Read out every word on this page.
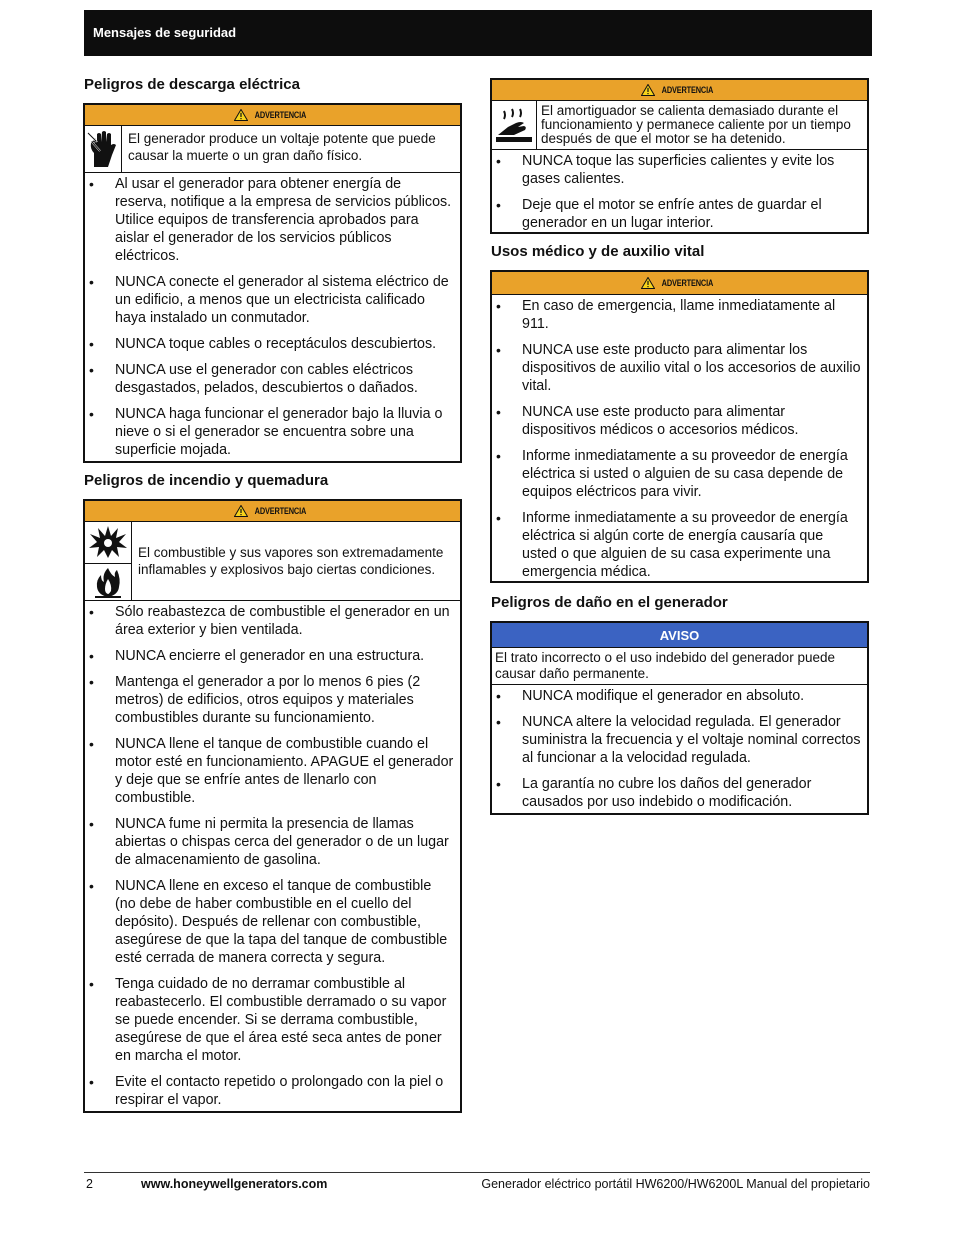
Mensajes de seguridad
Peligros de descarga eléctrica
ADVERTENCIA
El generador produce un voltaje potente que puede causar la muerte o un gran daño físico.
• Al usar el generador para obtener energía de reserva, notifique a la empresa de servicios públicos. Utilice equipos de transferencia aprobados para aislar el generador de los servicios públicos eléctricos.
• NUNCA conecte el generador al sistema eléctrico de un edificio, a menos que un electricista calificado haya instalado un conmutador.
• NUNCA toque cables o receptáculos descubiertos.
• NUNCA use el generador con cables eléctricos desgastados, pelados, descubiertos o dañados.
• NUNCA haga funcionar el generador bajo la lluvia o nieve o si el generador se encuentra sobre una superficie mojada.
Peligros de incendio y quemadura
ADVERTENCIA
El combustible y sus vapores son extremadamente inflamables y explosivos bajo ciertas condiciones.
• Sólo reabastezca de combustible el generador en un área exterior y bien ventilada.
• NUNCA encierre el generador en una estructura.
• Mantenga el generador a por lo menos 6 pies (2 metros) de edificios, otros equipos y materiales combustibles durante su funcionamiento.
• NUNCA llene el tanque de combustible cuando el motor esté en funcionamiento. APAGUE el generador y deje que se enfríe antes de llenarlo con combustible.
• NUNCA fume ni permita la presencia de llamas abiertas o chispas cerca del generador o de un lugar de almacenamiento de gasolina.
• NUNCA llene en exceso el tanque de combustible (no debe de haber combustible en el cuello del depósito). Después de rellenar con combustible, asegúrese de que la tapa del tanque de combustible esté cerrada de manera correcta y segura.
• Tenga cuidado de no derramar combustible al reabastecerlo. El combustible derramado o su vapor se puede encender. Si se derrama combustible, asegúrese de que el área esté seca antes de poner en marcha el motor.
• Evite el contacto repetido o prolongado con la piel o respirar el vapor.
ADVERTENCIA
El amortiguador se calienta demasiado durante el funcionamiento y permanece caliente por un tiempo después de que el motor se ha detenido.
• NUNCA toque las superficies calientes y evite los gases calientes.
• Deje que el motor se enfríe antes de guardar el generador en un lugar interior.
Usos médico y de auxilio vital
ADVERTENCIA
• En caso de emergencia, llame inmediatamente al 911.
• NUNCA use este producto para alimentar los dispositivos de auxilio vital o los accesorios de auxilio vital.
• NUNCA use este producto para alimentar dispositivos médicos o accesorios médicos.
• Informe inmediatamente a su proveedor de energía eléctrica si usted o alguien de su casa depende de equipos eléctricos para vivir.
• Informe inmediatamente a su proveedor de energía eléctrica si algún corte de energía causaría que usted o que alguien de su casa experimente una emergencia médica.
Peligros de daño en el generador
AVISO
El trato incorrecto o el uso indebido del generador puede causar daño permanente.
• NUNCA modifique el generador en absoluto.
• NUNCA altere la velocidad regulada. El generador suministra la frecuencia y el voltaje nominal correctos al funcionar a la velocidad regulada.
• La garantía no cubre los daños del generador causados por uso indebido o modificación.
2	www.honeywellgenerators.com	Generador eléctrico portátil HW6200/HW6200L Manual del propietario
